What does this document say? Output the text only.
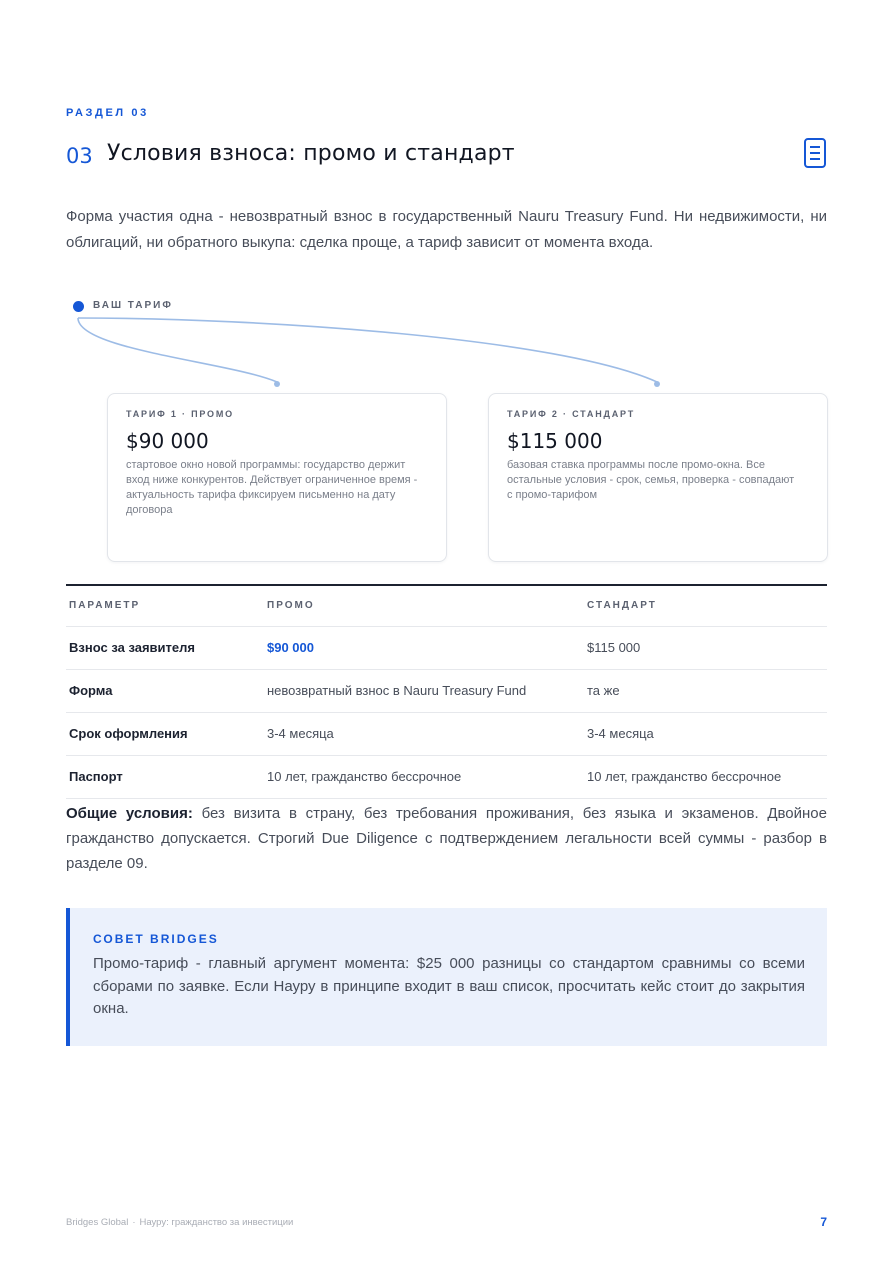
РАЗДЕЛ 03
03 Условия взноса: промо и стандарт

Форма участия одна - невозвратный взнос в государственный Nauru Treasury Fund. Ни недвижимости, ни облигаций, ни обратного выкупа: сделка проще, а тариф зависит от момента входа.

ВАШ ТАРИФ
ТАРИФ 1 · ПРОМО
$90 000
стартовое окно новой программы: государство держит вход ниже конкурентов. Действует ограниченное время - актуальность тарифа фиксируем письменно на дату договора
ТАРИФ 2 · СТАНДАРТ
$115 000
базовая ставка программы после промо-окна. Все остальные условия - срок, семья, проверка - совпадают с промо-тарифом
ПАРАМЕТР	ПРОМО	СТАНДАРТ
Взнос за заявителя	$90 000	$115 000
Форма	невозвратный взнос в Nauru Treasury Fund	та же
Срок оформления	3-4 месяца	3-4 месяца
Паспорт	10 лет, гражданство бессрочное	10 лет, гражданство бессрочное

Общие условия: без визита в страну, без требования проживания, без языка и экзаменов. Двойное гражданство допускается. Строгий Due Diligence с подтверждением легальности всей суммы - разбор в разделе 09.

СОВЕТ BRIDGES

Промо-тариф - главный аргумент момента: $25 000 разницы со стандартом сравнимы со всеми сборами по заявке. Если Науру в принципе входит в ваш список, просчитать кейс стоит до закрытия окна.

Bridges Global · Науру: гражданство за инвестиции	7
